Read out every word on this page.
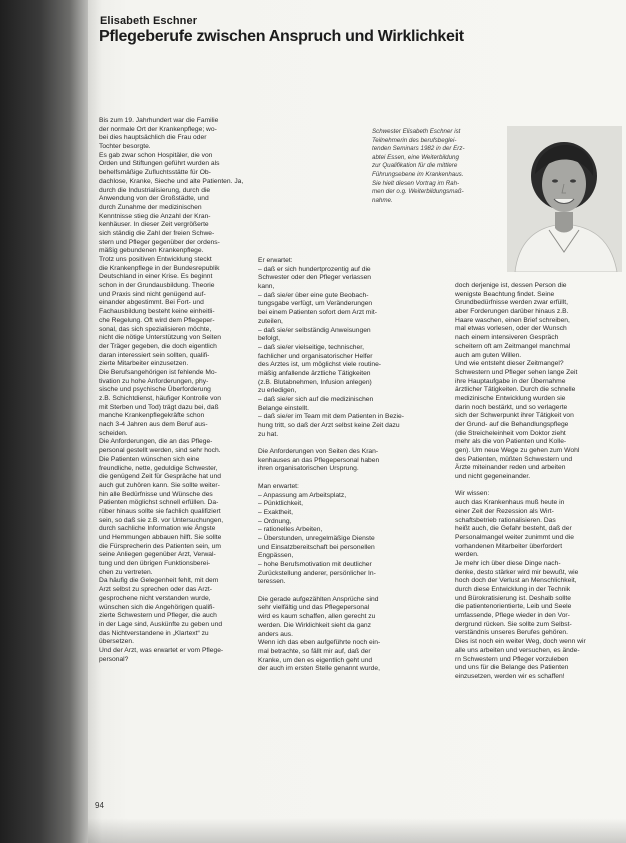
Elisabeth Eschner
Pflegeberufe zwischen Anspruch und Wirklichkeit

Bis zum 19. Jahrhundert war die Familie
der normale Ort der Krankenpflege; wo-
bei dies hauptsächlich die Frau oder
Tochter besorgte.

Es gab zwar schon Hospitäler, die von
Orden und Stiftungen geführt wurden als
behelfsmäßige Zufluchtsstätte für Ob-
dachlose, Kranke, Sieche und alte Patienten. Ja,
durch die Industrialisierung, durch die
Anwendung von der Großstädte, und
durch Zunahme der medizinischen
Kenntnisse stieg die Anzahl der Kran-
kenhäuser. In dieser Zeit vergrößerte
sich ständig die Zahl der freien Schwe-
stern und Pfleger gegenüber der ordens-
mäßig gebundenen Krankenpflege.

Trotz uns positiven Entwicklung steckt
die Krankenpflege in der Bundesrepublik
Deutschland in einer Krise. Es beginnt
schon in der Grundausbildung. Theorie
und Praxis sind nicht genügend auf-
einander abgestimmt. Bei Fort- und
Fachausbildung besteht keine einheitli-
che Regelung. Oft wird dem Pflegeper-
sonal, das sich spezialisieren möchte,
nicht die nötige Unterstützung von Seiten
der Träger gegeben, die doch eigentlich
daran interessiert sein sollten, qualifi-
zierte Mitarbeiter einzusetzen.

Die Berufsangehörigen ist fehlende Mo-
tivation zu hohe Anforderungen, phy-
sische und psychische Überforderung
z.B. Schichtdienst, häufiger Kontrolle von
mit Sterben und Tod) trägt dazu bei, daß
manche Krankenpflegekräfte schon
nach 3-4 Jahren aus dem Beruf aus-
scheiden.

Die Anforderungen, die an das Pflege-
personal gestellt werden, sind sehr hoch.
Die Patienten wünschen sich eine
freundliche, nette, geduldige Schwester,
die genügend Zeit für Gespräche hat und
auch gut zuhören kann. Sie sollte weiter-
hin alle Bedürfnisse und Wünsche des
Patienten möglichst schnell erfüllen. Da-
rüber hinaus sollte sie fachlich qualifiziert
sein, so daß sie z.B. vor Untersuchungen,
durch sachliche Information wie Ängste
und Hemmungen abbauen hilft. Sie sollte
die Fürsprecherin des Patienten sein, um
seine Anliegen gegenüber Arzt, Verwal-
tung und den übrigen Funktionsberei-
chen zu vertreten.

Da häufig die Gelegenheit fehlt, mit dem
Arzt selbst zu sprechen oder das Arzt-
gesprochene nicht verstanden wurde,
wünschen sich die Angehörigen qualifi-
zierte Schwestern und Pfleger, die auch
in der Lage sind, Auskünfte zu geben und
das Nichtverstandene in „Klartext“ zu
übersetzen.

Und der Arzt, was erwartet er vom Pflege-
personal?

Schwester Elisabeth Eschner ist
Teilnehmerin des berufsbeglei-
tenden Seminars 1982 in der Erz-
abtei Essen, eine Weiterbildung
zur Qualifikation für die mittlere
Führungsebene im Krankenhaus.
Sie hielt diesen Vortrag im Rah-
men der o.g. Weiterbildungsmaß-
nahme.

Er erwartet:
– daß er sich hundertprozentig auf die
Schwester oder den Pfleger verlassen
kann,
– daß sie/er über eine gute Beobach-
tungsgabe verfügt, um Veränderungen
bei einem Patienten sofort dem Arzt mit-
zuteilen,
– daß sie/er selbständig Anweisungen
befolgt,
– daß sie/er vielseitige, technischer,
fachlicher und organisatorischer Helfer
des Arztes ist, um möglichst viele routine-
mäßig anfallende ärztliche Tätigkeiten
(z.B. Blutabnehmen, Infusion anlegen)
zu erledigen,
– daß sie/er sich auf die medizinischen
Belange einstellt.
– daß sie/er im Team mit dem Patienten in Bezie-
hung tritt, so daß der Arzt selbst keine Zeit dazu
zu hat.

Die Anforderungen von Seiten des Kran-
kenhauses an das Pflegepersonal haben
ihren organisatorischen Ursprung.

Man erwartet:
– Anpassung am Arbeitsplatz,
– Pünktlichkeit,
– Exaktheit,
– Ordnung,
– rationelles Arbeiten,
– Überstunden, unregelmäßige Dienste
und Einsatzbereitschaft bei personellen
Engpässen,
– hohe Berufsmotivation mit deutlicher
Zurückstellung anderer, persönlicher In-
teressen.

Die gerade aufgezählten Ansprüche sind
sehr vielfältig und das Pflegepersonal
wird es kaum schaffen, allen gerecht zu
werden. Die Wirklichkeit sieht da ganz
anders aus.
Wenn ich das eben aufgeführte noch ein-
mal betrachte, so fällt mir auf, daß der
Kranke, um den es eigentlich geht und
der auch im ersten Stelle genannt wurde,

doch derjenige ist, dessen Person die
wenigste Beachtung findet. Seine
Grundbedürfnisse werden zwar erfüllt,
aber Forderungen darüber hinaus z.B.
Haare waschen, einen Brief schreiben,
mal etwas vorlesen, oder der Wunsch
nach einem intensiveren Gespräch
scheitern oft am Zeitmangel manchmal
auch am guten Willen.

Und wie entsteht dieser Zeitmangel?
Schwestern und Pfleger sehen lange Zeit
ihre Hauptaufgabe in der Übernahme
ärztlicher Tätigkeiten. Durch die schnelle
medizinische Entwicklung wurden sie
darin noch bestärkt, und so verlagerte
sich der Schwerpunkt ihrer Tätigkeit von
der Grund- auf die Behandlungspflege
(die Streicheleinheit vom Doktor zieht
mehr als die von Patienten und Kolle-
gen). Um neue Wege zu gehen zum Wohl
des Patienten, müßten Schwestern und
Ärzte miteinander reden und arbeiten
und nicht gegeneinander.

Wir wissen:
auch das Krankenhaus muß heute in
einer Zeit der Rezession als Wirt-
schaftsbetrieb rationalisieren. Das
heißt auch, die Gefahr besteht, daß der
Personalmangel weiter zunimmt und die
vorhandenen Mitarbeiter überfordert
werden.
Je mehr ich über diese Dinge nach-
denke, desto stärker wird mir bewußt, wie
hoch doch der Verlust an Menschlichkeit,
durch diese Entwicklung in der Technik
und Bürokratisierung ist. Deshalb sollte
die patientenorientierte, Leib und Seele
umfassende, Pflege wieder in den Vor-
dergrund rücken. Sie sollte zum Selbst-
verständnis unseres Berufes gehören.
Dies ist noch ein weiter Weg, doch wenn wir
alle uns arbeiten und versuchen, es ände-
rn Schwestern und Pfleger vorzuleben
und uns für die Belange des Patienten
einzusetzen, werden wir es schaffen!

94
